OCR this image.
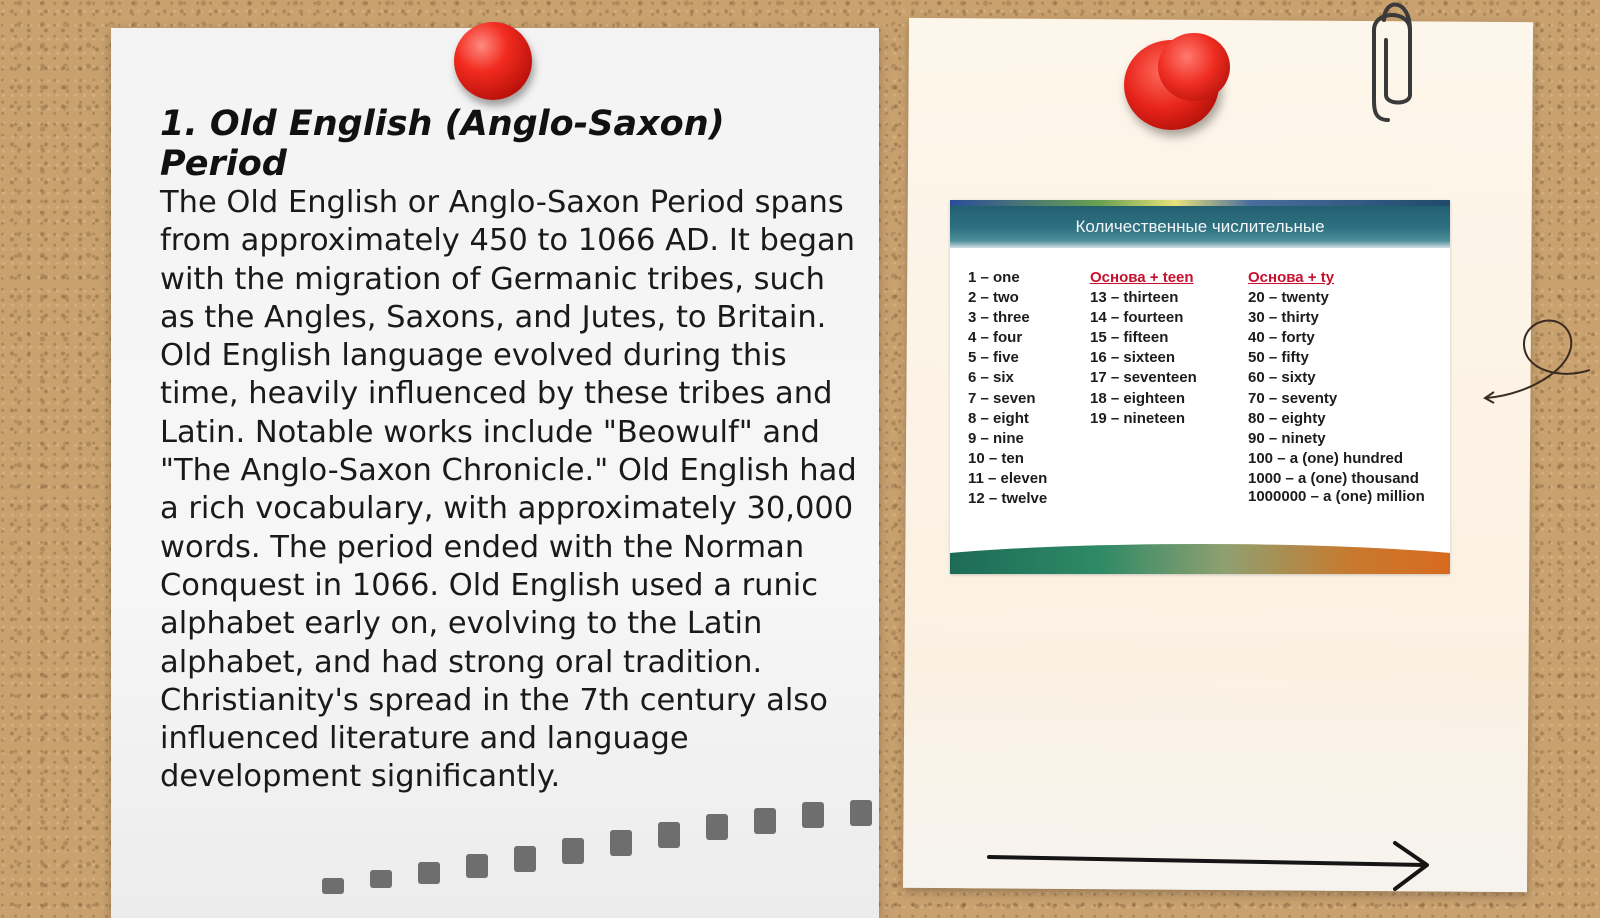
1. Old English (Anglo-Saxon) Period

The Old English or Anglo-Saxon Period spans from approximately 450 to 1066 AD. It began with the migration of Germanic tribes, such as the Angles, Saxons, and Jutes, to Britain. Old English language evolved during this time, heavily influenced by these tribes and Latin. Notable works include "Beowulf" and "The Anglo-Saxon Chronicle." Old English had a rich vocabulary, with approximately 30,000 words. The period ended with the Norman Conquest in 1066. Old English used a runic alphabet early on, evolving to the Latin alphabet, and had strong oral tradition. Christianity's spread in the 7th century also influenced literature and language development significantly.

Количественные числительные
1 – one
2 – two
3 – three
4 – four
5 – five
6 – six
7 – seven
8 – eight
9 – nine
10 – ten
11 – eleven
12 – twelve
Основа + teen
13 – thirteen
14 – fourteen
15 – fifteen
16 – sixteen
17 – seventeen
18 – eighteen
19 – nineteen
Основа + ty
20 – twenty
30 – thirty
40 – forty
50 – fifty
60 – sixty
70 – seventy
80 – eighty
90 – ninety
100 – a (one) hundred
1000 – a (one) thousand
1000000 – a (one) million
